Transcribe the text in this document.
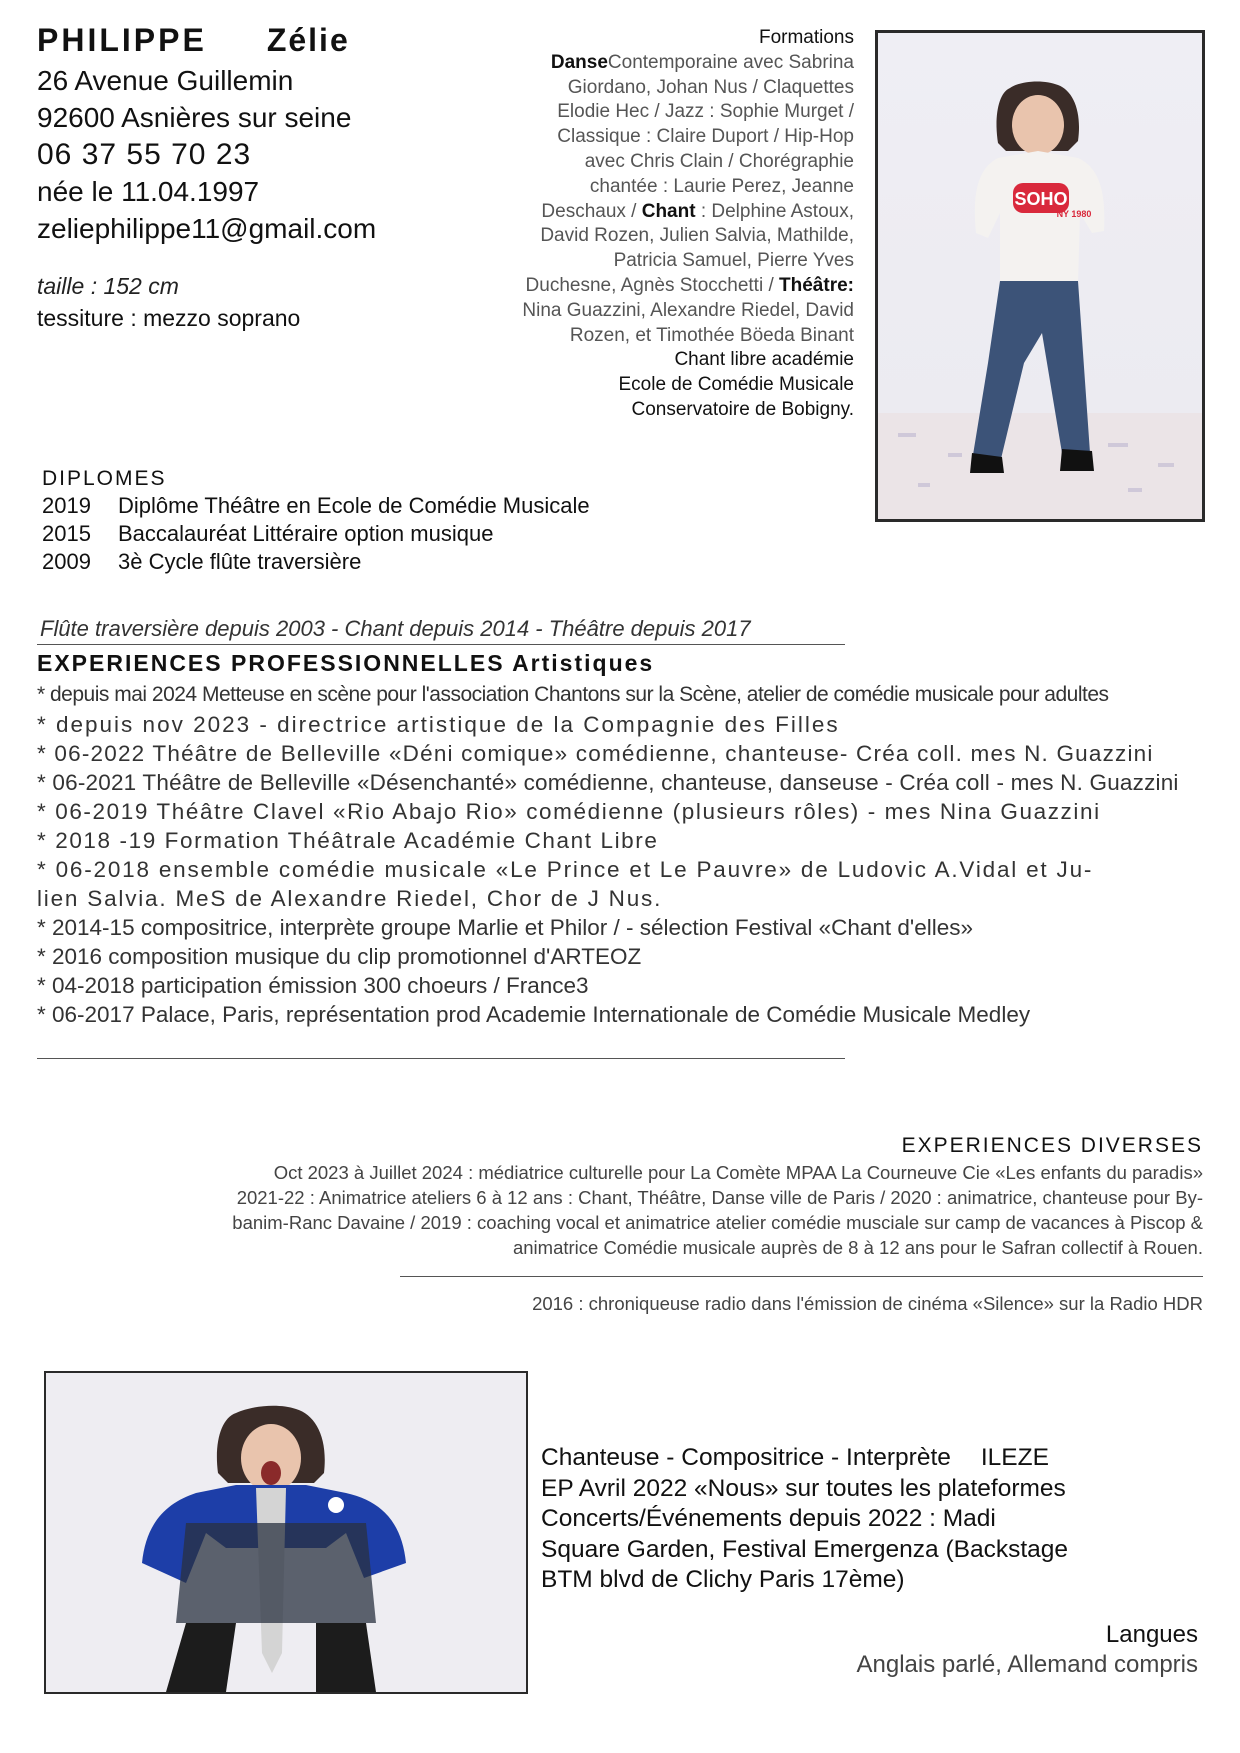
PHILIPPE Zélie
26 Avenue Guillemin
92600 Asnières sur seine
06 37 55 70 23
née le 11.04.1997
zeliephilippe11@gmail.com
taille : 152 cm
tessiture : mezzo soprano
Formations
DanseContemporaine avec Sabrina Giordano, Johan Nus / Claquettes Elodie Hec / Jazz : Sophie Murget / Classique : Claire Duport / Hip-Hop avec Chris Clain / Chorégraphie chantée : Laurie Perez, Jeanne Deschaux / Chant : Delphine Astoux, David Rozen, Julien Salvia, Mathilde, Patricia Samuel, Pierre Yves Duchesne, Agnès Stocchetti / Théâtre: Nina Guazzini, Alexandre Riedel, David Rozen, et Timothée Böeda Binant
Chant libre académie
Ecole de Comédie Musicale
Conservatoire de Bobigny.
SOHO
NY 1980
DIPLOMES
2019 Diplôme Théâtre en Ecole de Comédie Musicale
2015 Baccalauréat Littéraire option musique
2009 3è Cycle flûte traversière
Flûte traversière depuis 2003 - Chant depuis 2014 - Théâtre depuis 2017
EXPERIENCES PROFESSIONNELLES Artistiques
* depuis mai 2024 Metteuse en scène pour l'association Chantons sur la Scène, atelier de comédie musicale pour adultes
* depuis nov 2023 - directrice artistique de la Compagnie des Filles
* 06-2022 Théâtre de Belleville «Déni comique» comédienne, chanteuse- Créa coll. mes N. Guazzini
* 06-2021 Théâtre de Belleville «Désenchanté» comédienne, chanteuse, danseuse - Créa coll - mes N. Guazzini
* 06-2019 Théâtre Clavel «Rio Abajo Rio» comédienne (plusieurs rôles) - mes Nina Guazzini
* 2018 -19 Formation Théâtrale Académie Chant Libre
* 06-2018 ensemble comédie musicale «Le Prince et Le Pauvre» de Ludovic A.Vidal et Ju-
lien Salvia. MeS de Alexandre Riedel, Chor de J Nus.
* 2014-15 compositrice, interprète groupe Marlie et Philor / - sélection Festival «Chant d'elles»
* 2016 composition musique du clip promotionnel d'ARTEOZ
* 04-2018 participation émission 300 choeurs / France3
* 06-2017 Palace, Paris, représentation prod Academie Internationale de Comédie Musicale Medley
EXPERIENCES DIVERSES
Oct 2023 à Juillet 2024 : médiatrice culturelle pour La Comète MPAA La Courneuve Cie «Les enfants du paradis»
2021-22 : Animatrice ateliers 6 à 12 ans : Chant, Théâtre, Danse ville de Paris / 2020 : animatrice, chanteuse pour By-
banim-Ranc Davaine / 2019 : coaching vocal et animatrice atelier comédie musciale sur camp de vacances à Piscop &
animatrice Comédie musicale auprès de 8 à 12 ans pour le Safran collectif à Rouen.
2016 : chroniqueuse radio dans l'émission de cinéma «Silence» sur la Radio HDR
Chanteuse - Compositrice - Interprète ILEZE
EP Avril 2022 «Nous» sur toutes les plateformes
Concerts/Événements depuis 2022 : Madi
Square Garden, Festival Emergenza (Backstage
BTM blvd de Clichy Paris 17ème)
Langues
Anglais parlé, Allemand compris
